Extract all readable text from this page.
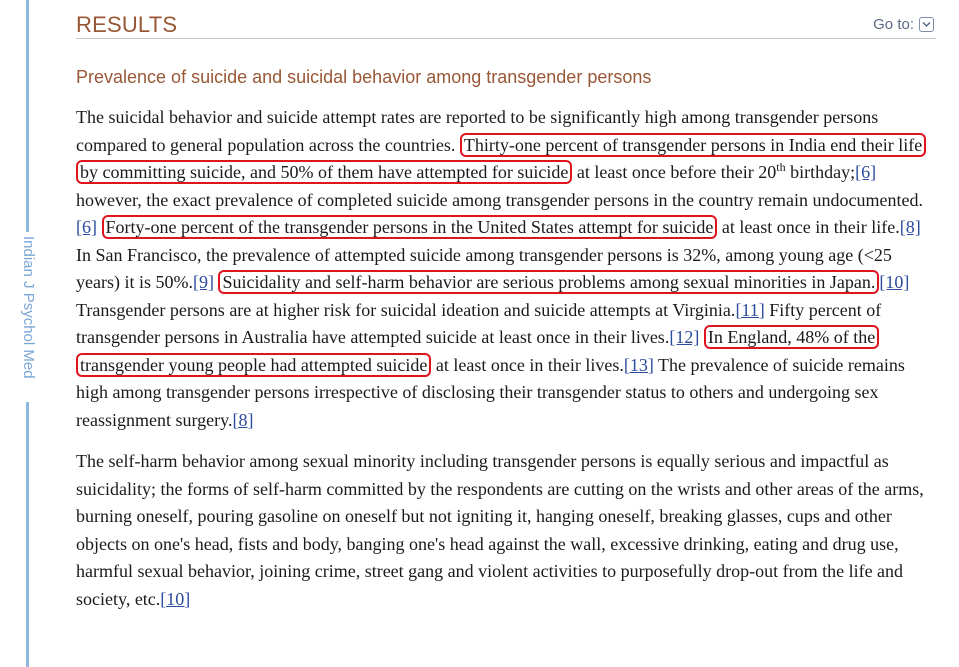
Indian J Psychol Med
RESULTS	Go to:
Prevalence of suicide and suicidal behavior among transgender persons

The suicidal behavior and suicide attempt rates are reported to be significantly high among transgender persons compared to general population across the countries. Thirty-one percent of transgender persons in India end their life by committing suicide, and 50% of them have attempted for suicide at least once before their 20th birthday;[6] however, the exact prevalence of completed suicide among transgender persons in the country remain undocumented.[6] Forty-one percent of the transgender persons in the United States attempt for suicide at least once in their life.[8] In San Francisco, the prevalence of attempted suicide among transgender persons is 32%, among young age (<25 years) it is 50%.[9] Suicidality and self-harm behavior are serious problems among sexual minorities in Japan. [10] Transgender persons are at higher risk for suicidal ideation and suicide attempts at Virginia.[11] Fifty percent of transgender persons in Australia have attempted suicide at least once in their lives.[12] In England, 48% of the transgender young people had attempted suicide at least once in their lives.[13] The prevalence of suicide remains high among transgender persons irrespective of disclosing their transgender status to others and undergoing sex reassignment surgery.[8]

The self-harm behavior among sexual minority including transgender persons is equally serious and impactful as suicidality; the forms of self-harm committed by the respondents are cutting on the wrists and other areas of the arms, burning oneself, pouring gasoline on oneself but not igniting it, hanging oneself, breaking glasses, cups and other objects on one's head, fists and body, banging one's head against the wall, excessive drinking, eating and drug use, harmful sexual behavior, joining crime, street gang and violent activities to purposefully drop-out from the life and society, etc.[10]
